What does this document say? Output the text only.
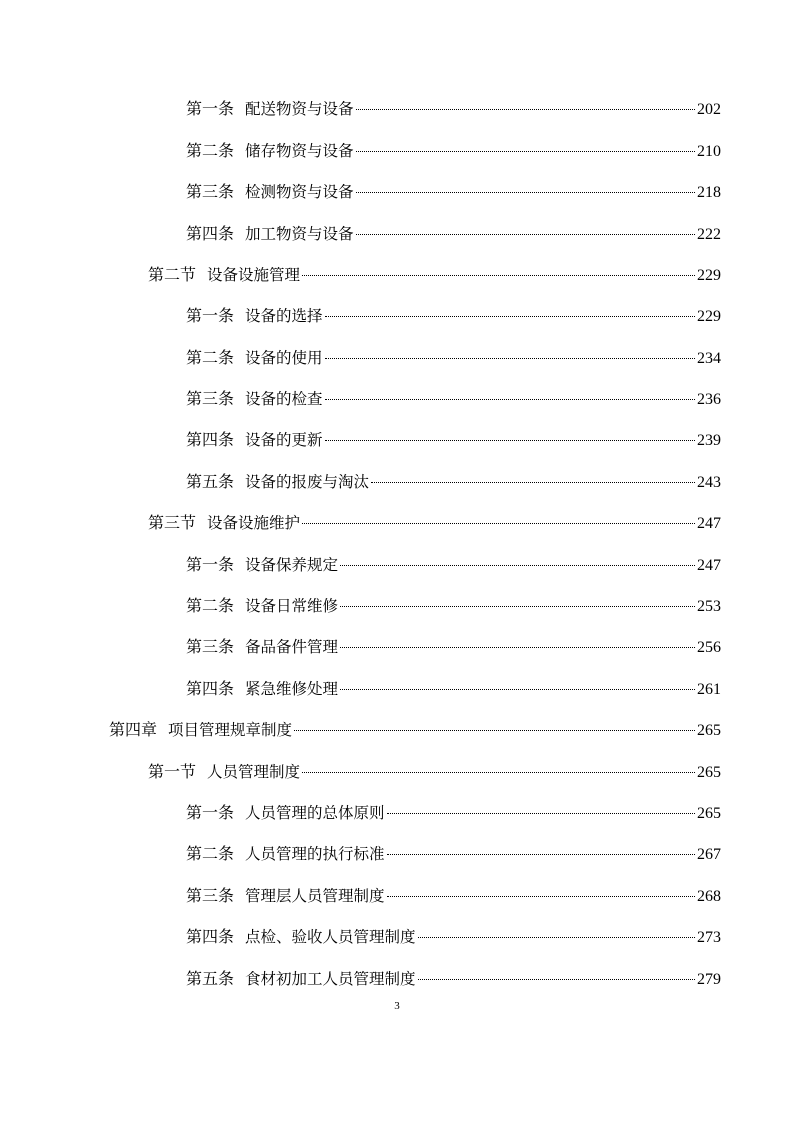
第一条 配送物资与设备	202
第二条 储存物资与设备	210
第三条 检测物资与设备	218
第四条 加工物资与设备	222
第二节 设备设施管理	229
第一条 设备的选择	229
第二条 设备的使用	234
第三条 设备的检查	236
第四条 设备的更新	239
第五条 设备的报废与淘汰	243
第三节 设备设施维护	247
第一条 设备保养规定	247
第二条 设备日常维修	253
第三条 备品备件管理	256
第四条 紧急维修处理	261
第四章 项目管理规章制度	265
第一节 人员管理制度	265
第一条 人员管理的总体原则	265
第二条 人员管理的执行标准	267
第三条 管理层人员管理制度	268
第四条 点检、验收人员管理制度	273
第五条 食材初加工人员管理制度	279
3
